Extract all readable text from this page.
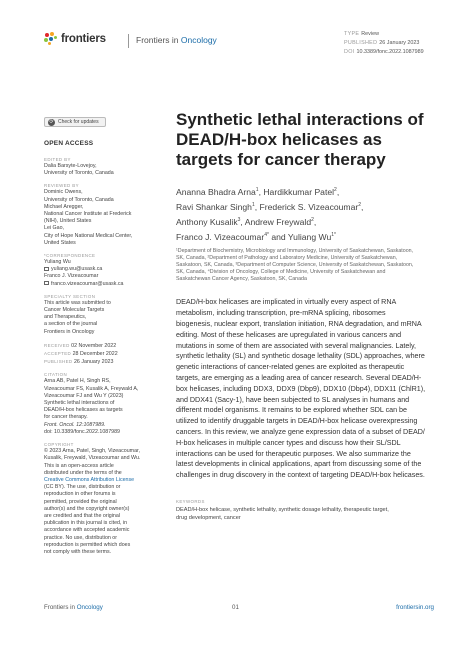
frontiers	Frontiers in Oncology
TYPE Review
PUBLISHED 26 January 2023
DOI 10.3389/fonc.2022.1087989
⟳ Check for updates
OPEN ACCESS
EDITED BY
Dalia Barsyte-Lovejoy,
University of Toronto, Canada
REVIEWED BY
Dominic Owens,
University of Toronto, Canada
Michael Aregger,
National Cancer Institute at Frederick
(NIH), United States
Lei Gao,
City of Hope National Medical Center,
United States
*CORRESPONDENCE
Yuliang Wu
yuliang.wu@usask.ca
Franco J. Vizeacoumar
franco.vizeacoumar@usask.ca
SPECIALTY SECTION
This article was submitted to
Cancer Molecular Targets
and Therapeutics,
a section of the journal
Frontiers in Oncology
RECEIVED 02 November 2022
ACCEPTED 28 December 2022
PUBLISHED 26 January 2023
CITATION
Arna AB, Patel H, Singh RS,
Vizeacoumar FS, Kusalik A, Freywald A,
Vizeacoumar FJ and Wu Y (2023)
Synthetic lethal interactions of
DEAD/H-box helicases as targets
for cancer therapy.
Front. Oncol. 12:1087989.
doi: 10.3389/fonc.2022.1087989
COPYRIGHT
© 2023 Arna, Patel, Singh, Vizeacoumar,
Kusalik, Freywald, Vizeacoumar and Wu.
This is an open-access article
distributed under the terms of the
Creative Commons Attribution License
(CC BY). The use, distribution or
reproduction in other forums is
permitted, provided the original
author(s) and the copyright owner(s)
are credited and that the original
publication in this journal is cited, in
accordance with accepted academic
practice. No use, distribution or
reproduction is permitted which does
not comply with these terms.
Synthetic lethal interactions of
DEAD/H-box helicases as
targets for cancer therapy
Ananna Bhadra Arna$^1$, Hardikkumar Patel$^2$,
Ravi Shankar Singh$^1$, Frederick S. Vizeacoumar$^2$,
Anthony Kusalik$^3$, Andrew Freywald$^2$,
Franco J. Vizeacoumar$^{4*}$ and Yuliang $Wu^{1*}$
¹Department of Biochemistry, Microbiology and Immunology, University of Saskatchewan, Saskatoon,
SK, Canada, ²Department of Pathology and Laboratory Medicine, University of Saskatchewan,
Saskatoon, SK, Canada, ³Department of Computer Science, University of Saskatchewan, Saskatoon,
SK, Canada, ⁴Division of Oncology, College of Medicine, University of Saskatchewan and
Saskatchewan Cancer Agency, Saskatoon, SK, Canada
DEAD/H-box helicases are implicated in virtually every aspect of RNA
metabolism, including transcription, pre-mRNA splicing, ribosomes
biogenesis, nuclear export, translation initiation, RNA degradation, and mRNA
editing. Most of these helicases are upregulated in various cancers and
mutations in some of them are associated with several malignancies. Lately,
synthetic lethality (SL) and synthetic dosage lethality (SDL) approaches, where
genetic interactions of cancer-related genes are exploited as therapeutic
targets, are emerging as a leading area of cancer research. Several DEAD/H-
box helicases, including DDX3, DDX9 (Dbp9), DDX10 (Dbp4), DDX11 (ChlR1),
and DDX41 (Sacy-1), have been subjected to SL analyses in humans and
different model organisms. It remains to be explored whether SDL can be
utilized to identify druggable targets in DEAD/H-box helicase overexpressing
cancers. In this review, we analyze gene expression data of a subset of DEAD/
H-box helicases in multiple cancer types and discuss how their SL/SDL
interactions can be used for therapeutic purposes. We also summarize the
latest developments in clinical applications, apart from discussing some of the
challenges in drug discovery in the context of targeting DEAD/H-box helicases.
KEYWORDS
DEAD/H-box helicase, synthetic lethality, synthetic dosage lethality, therapeutic target,
drug development, cancer
Frontiers in Oncology	01	frontiersin.org
